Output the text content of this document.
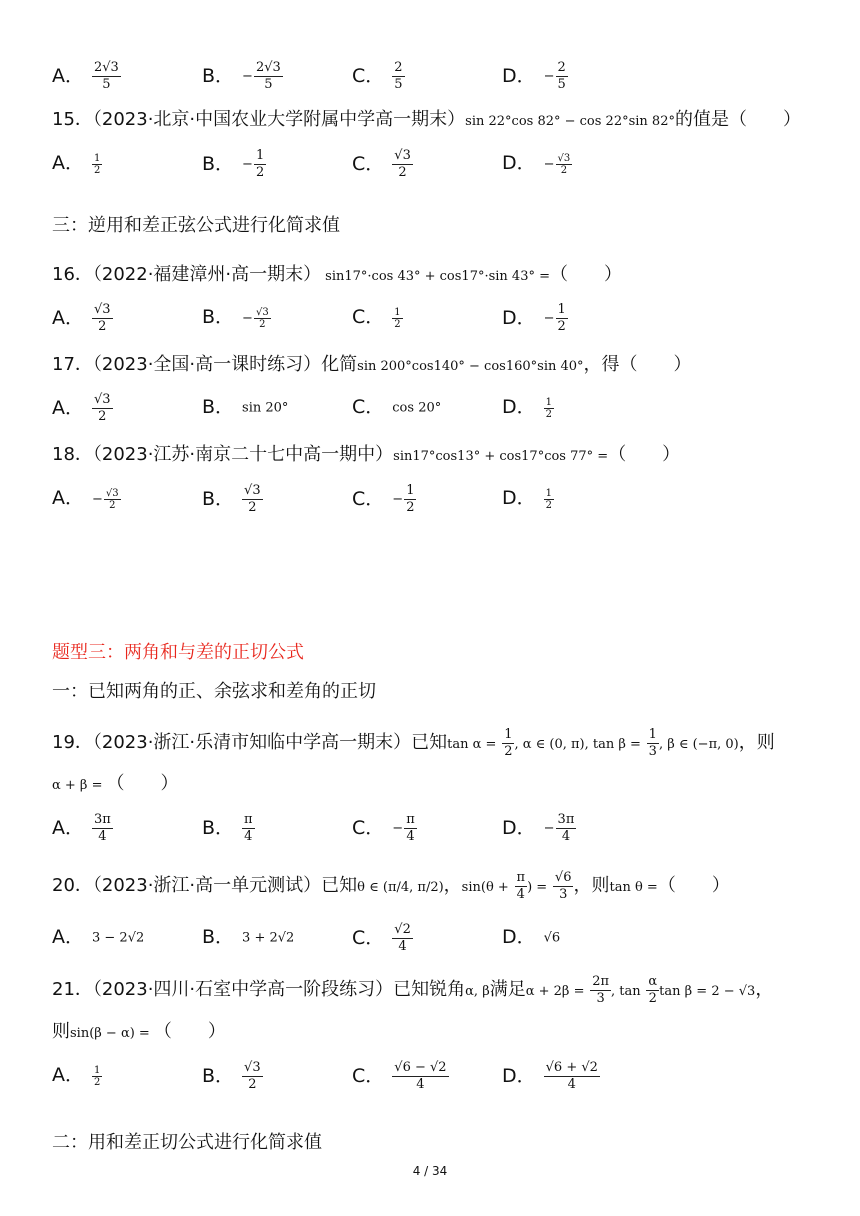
A． $\frac{2√3}{5}$	B． − $\frac{2√3}{5}$	C． $\frac{2}{5}$	D． − $\frac{2}{5}$
15．（2023·北京·中国农业大学附属中学高一期末）sin 22°cos 82° − cos 22°sin 82°的值是（　　）
A． $\frac{1}{2}$	B． − $\frac{1}{2}$	C． $\frac{√3}{2}$	D． − $\frac{√3}{2}$
三：逆用和差正弦公式进行化简求值
16．（2022·福建漳州·高一期末） sin17°·cos 43° + cos17°·sin 43° =（　　）
A． $\frac{√3}{2}$	B． − $\frac{√3}{2}$	C． $\frac{1}{2}$	D． − $\frac{1}{2}$
17．（2023·全国·高一课时练习）化简sin 200°cos140° − cos160°sin 40°，得（　　）
A． $\frac{√3}{2}$	B． sin 20°	C． cos 20°	D． $\frac{1}{2}$
18．（2023·江苏·南京二十七中高一期中）sin17°cos13° + cos17°cos 77° =（　　）
A． − $\frac{√3}{2}$	B． $\frac{√3}{2}$	C． − $\frac{1}{2}$	D． $\frac{1}{2}$
题型三：两角和与差的正切公式
一：已知两角的正、余弦求和差角的正切
19．（2023·浙江·乐清市知临中学高一期末）已知$\tan \alpha = \frac{1}{2}$ , α ∈ (0, π), $\tan \beta = \frac{1}{3}$ , β ∈ (−π, 0)，则
α + β = （　　）
A． $\frac{3\pi}{4}$	B． $\frac{\pi}{4}$	C． − $\frac{\pi}{4}$	D． − $\frac{3\pi}{4}$
20．（2023·浙江·高一单元测试）已知θ ∈ (π/4, π/2)，$\sin(\theta + \frac{\pi}{4}$ ) = $\frac{√6}{3}$ ，则tan θ =（　　）
A． 3 − 2√2	B． 3 + 2√2	C． $\frac{√2}{4}$	D． √6
21．（2023·四川·石室中学高一阶段练习）已知锐角α, β满足$\alpha + 2\beta = \frac{2\pi}{3}$ , $\tan \frac{\alpha}{2}$ tan β = 2 − √3，
则sin(β − α) = （　　）
A． $\frac{1}{2}$	B． $\frac{√3}{2}$	C． $\frac{√6 - √2}{4}$	D． $\frac{√6 + √2}{4}$
二：用和差正切公式进行化简求值
4 / 34
